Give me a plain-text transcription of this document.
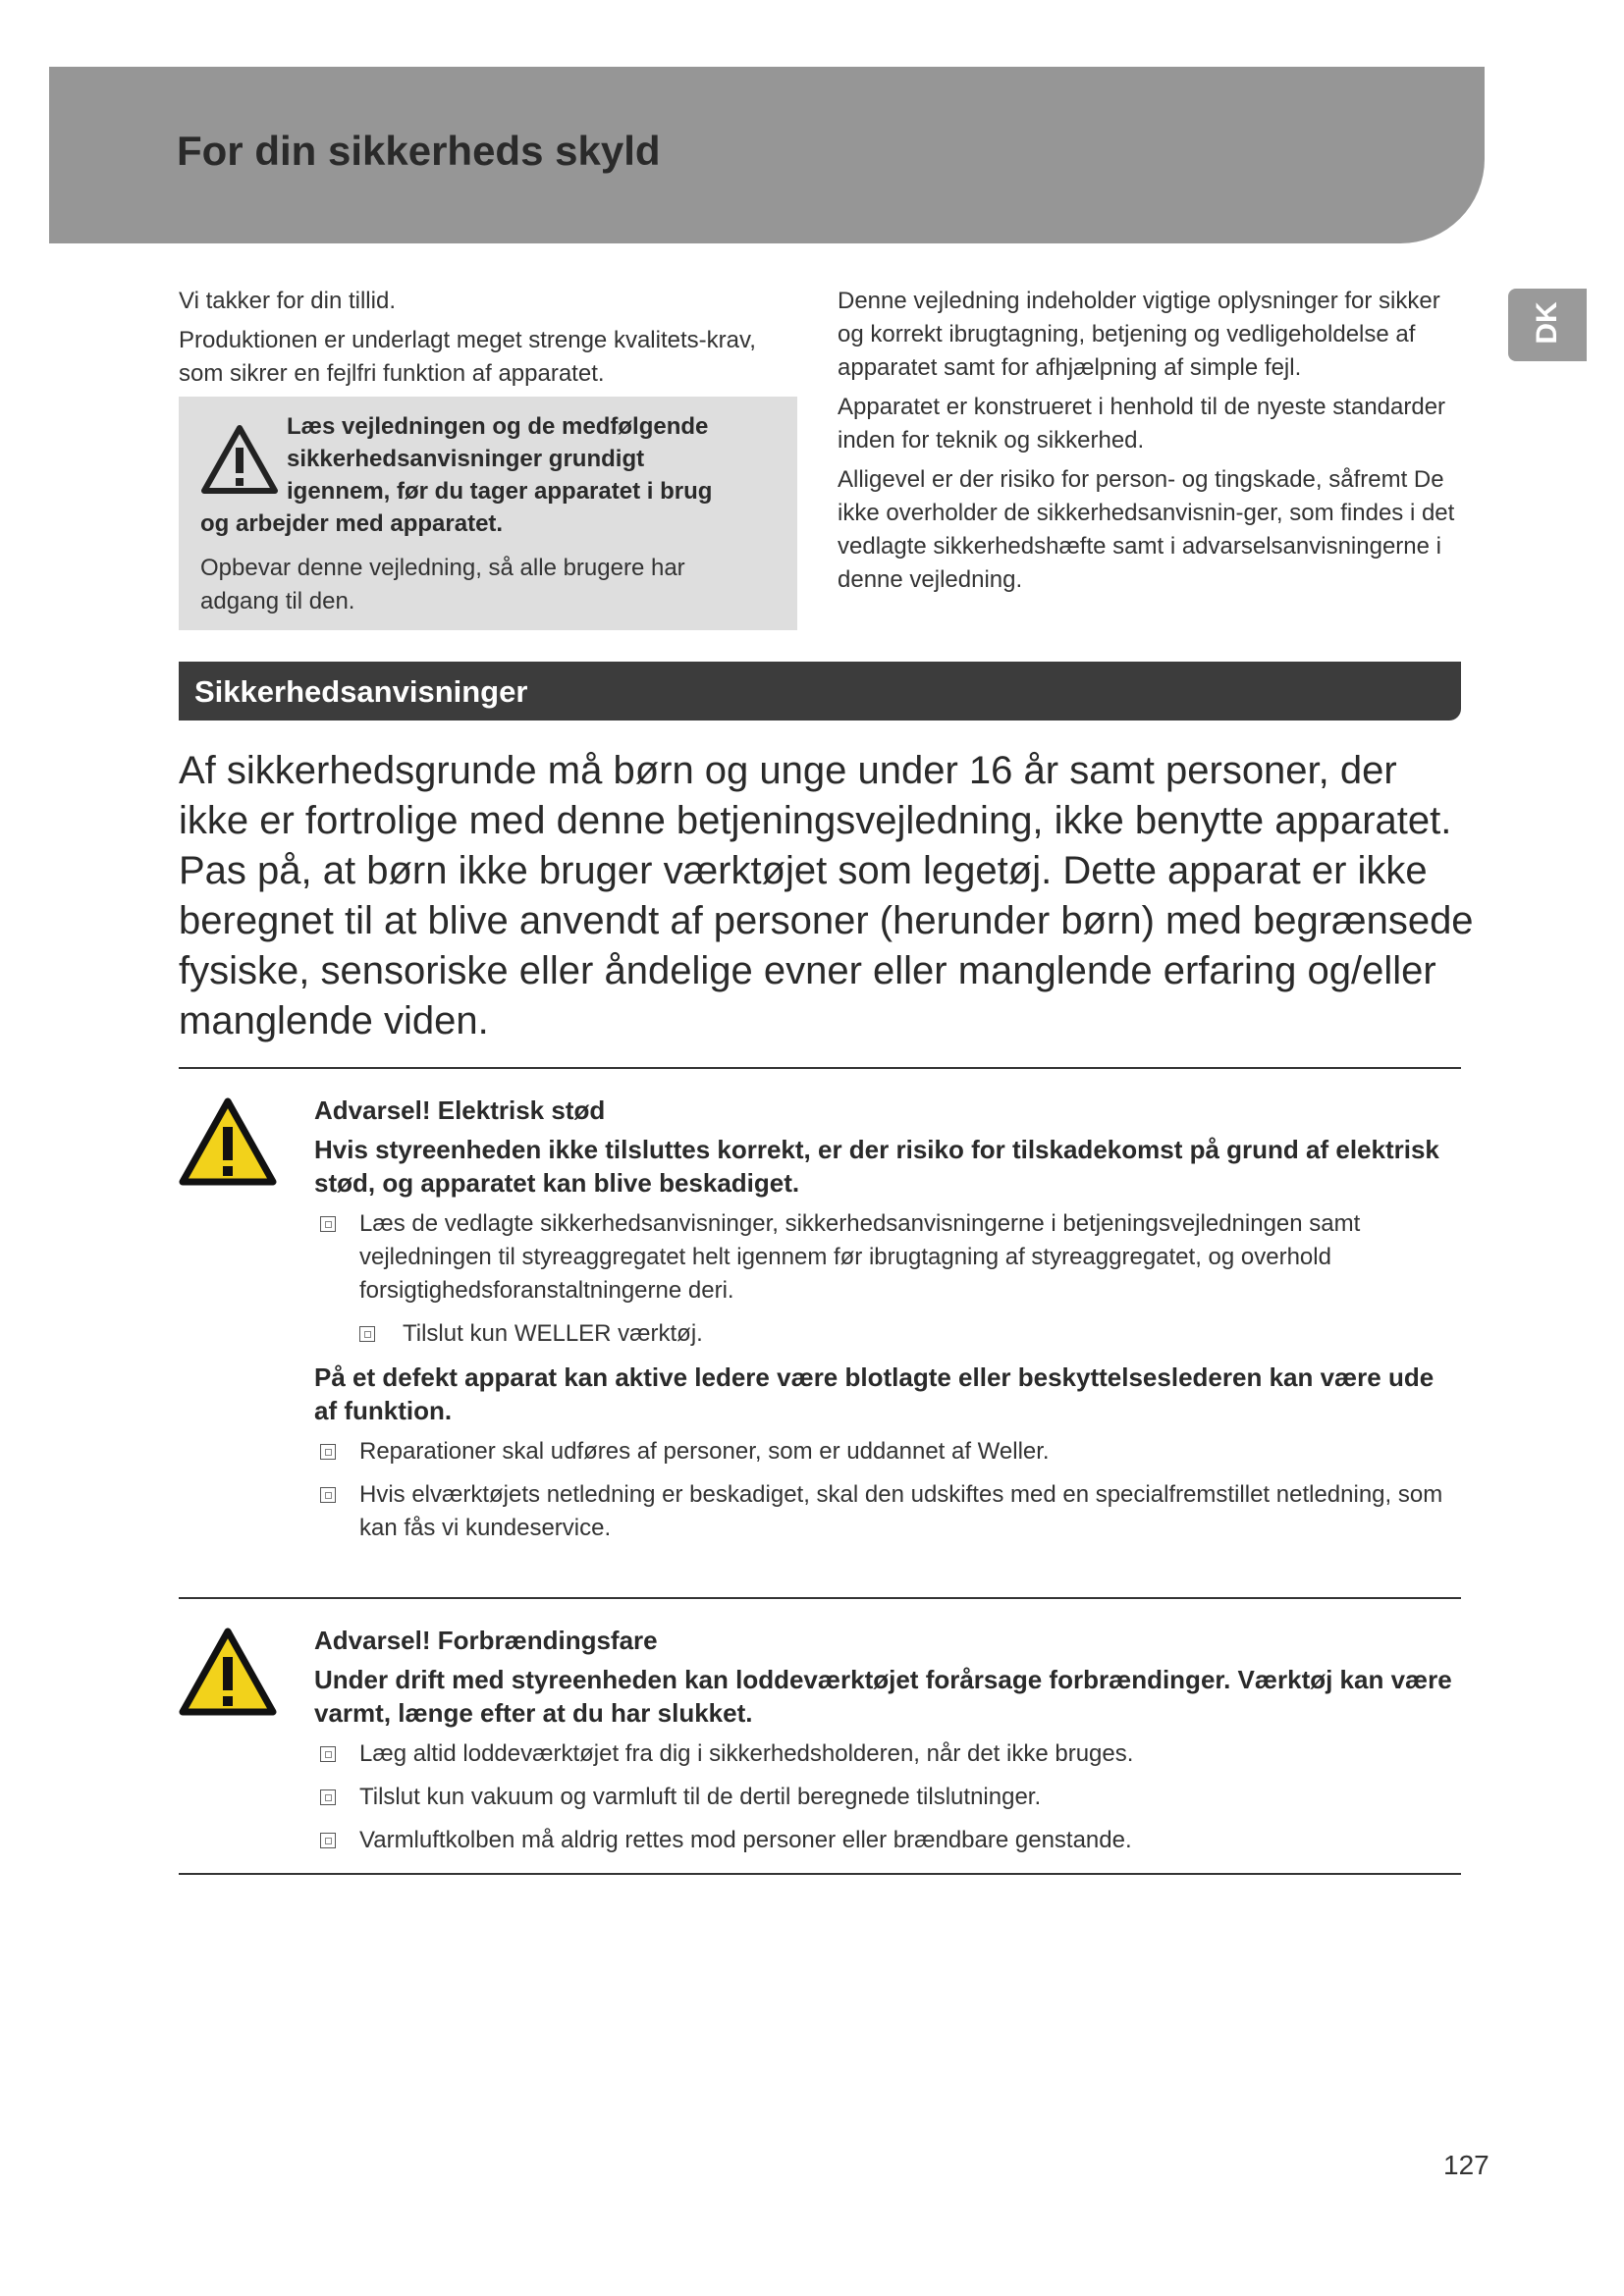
For din sikkerheds skyld
DK

Vi takker for din tillid.

Produktionen er underlagt meget strenge kvalitets-krav, som sikrer en fejlfri funktion af apparatet.

Læs vejledningen og de medfølgende
sikkerhedsanvisninger grundigt
igennem, før du tager apparatet i brug
og arbejder med apparatet.
Opbevar denne vejledning, så alle brugere har adgang til den.

Denne vejledning indeholder vigtige oplysninger for sikker og korrekt ibrugtagning, betjening og vedligeholdelse af apparatet samt for afhjælpning af simple fejl.

Apparatet er konstrueret i henhold til de nyeste standarder inden for teknik og sikkerhed.

Alligevel er der risiko for person- og tingskade, såfremt De ikke overholder de sikkerhedsanvisnin-ger, som findes i det vedlagte sikkerhedshæfte samt i advarselsanvisningerne i denne vejledning.

Sikkerhedsanvisninger

Af sikkerhedsgrunde må børn og unge under 16 år samt personer, der ikke er fortrolige med denne betjeningsvejledning, ikke benytte apparatet. Pas på, at børn ikke bruger værktøjet som legetøj. Dette apparat er ikke beregnet til at blive anvendt af personer (herunder børn) med begrænsede fysiske, sensoriske eller åndelige evner eller manglende erfaring og/eller manglende viden.

Advarsel! Elektrisk stød

Hvis styreenheden ikke tilsluttes korrekt, er der risiko for tilskadekomst på grund af elektrisk stød, og apparatet kan blive beskadiget.

Læs de vedlagte sikkerhedsanvisninger, sikkerhedsanvisningerne i betjeningsvejledningen samt vejledningen til styreaggregatet helt igennem før ibrugtagning af styreaggregatet, og overhold forsigtighedsforanstaltningerne deri.
Tilslut kun WELLER værktøj.

På et defekt apparat kan aktive ledere være blotlagte eller beskyttelseslederen kan være ude af funktion.

Reparationer skal udføres af personer, som er uddannet af Weller.
Hvis elværktøjets netledning er beskadiget, skal den udskiftes med en specialfremstillet netledning, som kan fås vi kundeservice.

Advarsel! Forbrændingsfare

Under drift med styreenheden kan loddeværktøjet forårsage forbrændinger. Værktøj kan være varmt, længe efter at du har slukket.

Læg altid loddeværktøjet fra dig i sikkerhedsholderen, når det ikke bruges.
Tilslut kun vakuum og varmluft til de dertil beregnede tilslutninger.
Varmluftkolben må aldrig rettes mod personer eller brændbare genstande.
127
